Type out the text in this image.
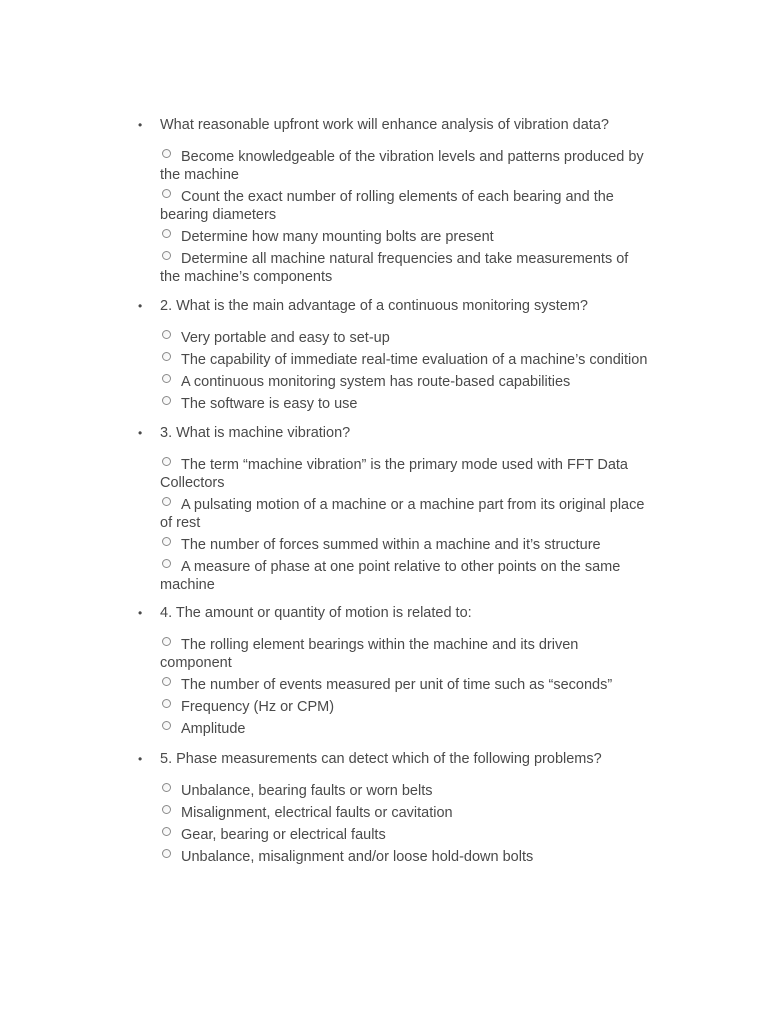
• What reasonable upfront work will enhance analysis of vibration data?
Become knowledgeable of the vibration levels and patterns produced by the machine
Count the exact number of rolling elements of each bearing and the bearing diameters
Determine how many mounting bolts are present
Determine all machine natural frequencies and take measurements of the machine’s components
• 2. What is the main advantage of a continuous monitoring system?
Very portable and easy to set-up
The capability of immediate real-time evaluation of a machine’s condition
A continuous monitoring system has route-based capabilities
The software is easy to use
• 3. What is machine vibration?
The term “machine vibration” is the primary mode used with FFT Data Collectors
A pulsating motion of a machine or a machine part from its original place of rest
The number of forces summed within a machine and it’s structure
A measure of phase at one point relative to other points on the same machine
• 4. The amount or quantity of motion is related to:
The rolling element bearings within the machine and its driven component
The number of events measured per unit of time such as “seconds”
Frequency (Hz or CPM)
Amplitude
• 5. Phase measurements can detect which of the following problems?
Unbalance, bearing faults or worn belts
Misalignment, electrical faults or cavitation
Gear, bearing or electrical faults
Unbalance, misalignment and/or loose hold-down bolts
